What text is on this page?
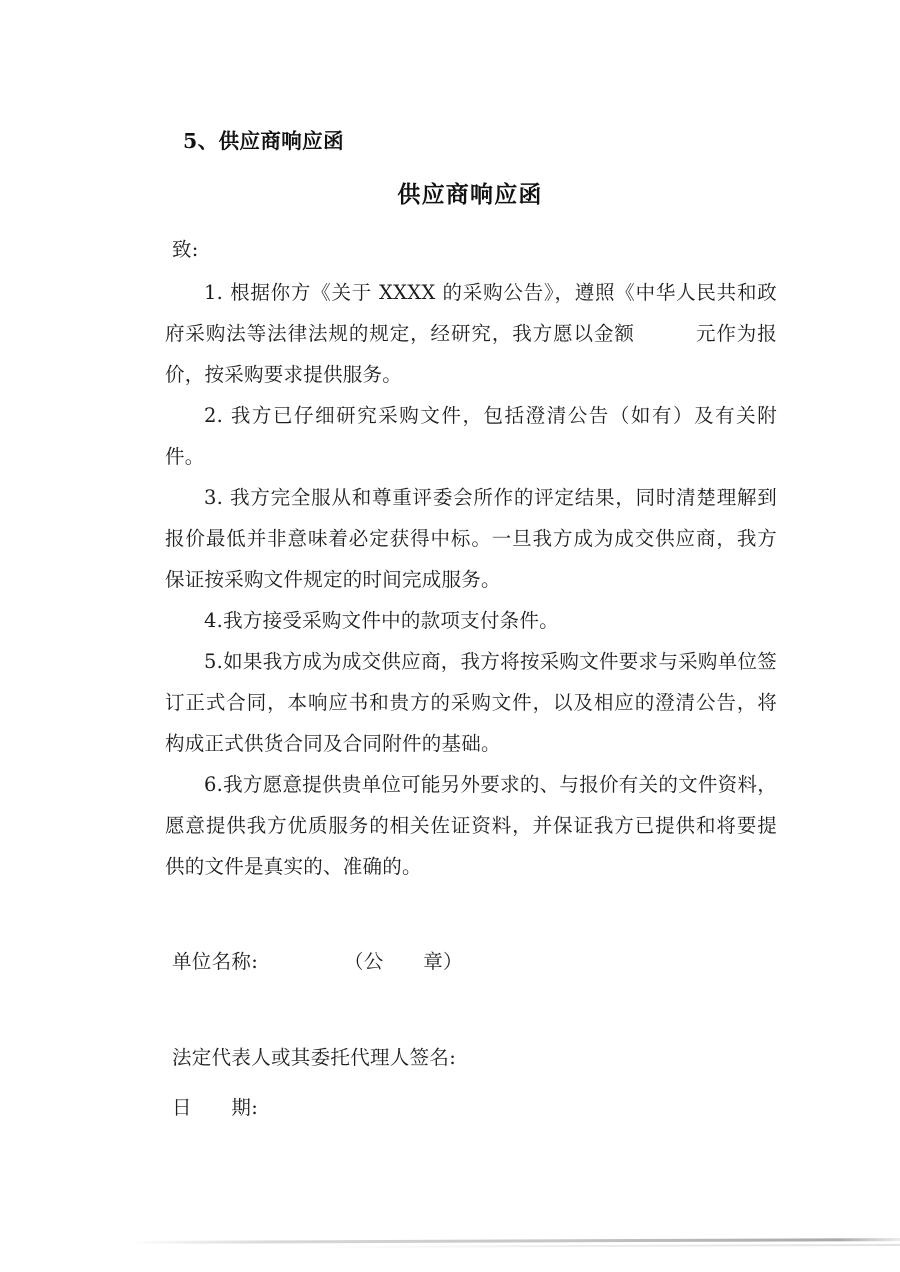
5、供应商响应函
供应商响应函
致:

1. 根据你方《关于 XXXX 的采购公告》，遵照《中华人民共和政府采购法等法律法规的规定，经研究，我方愿以金额	元作为报价，按采购要求提供服务。

2. 我方已仔细研究采购文件，包括澄清公告（如有）及有关附件。

3. 我方完全服从和尊重评委会所作的评定结果，同时清楚理解到报价最低并非意味着必定获得中标。一旦我方成为成交供应商，我方保证按采购文件规定的时间完成服务。

4.我方接受采购文件中的款项支付条件。

5.如果我方成为成交供应商，我方将按采购文件要求与采购单位签订正式合同，本响应书和贵方的采购文件，以及相应的澄清公告，将构成正式供货合同及合同附件的基础。

6.我方愿意提供贵单位可能另外要求的、与报价有关的文件资料，愿意提供我方优质服务的相关佐证资料，并保证我方已提供和将要提供的文件是真实的、准确的。

单位名称:	（公　　章）
法定代表人或其委托代理人签名:
日　　期:
